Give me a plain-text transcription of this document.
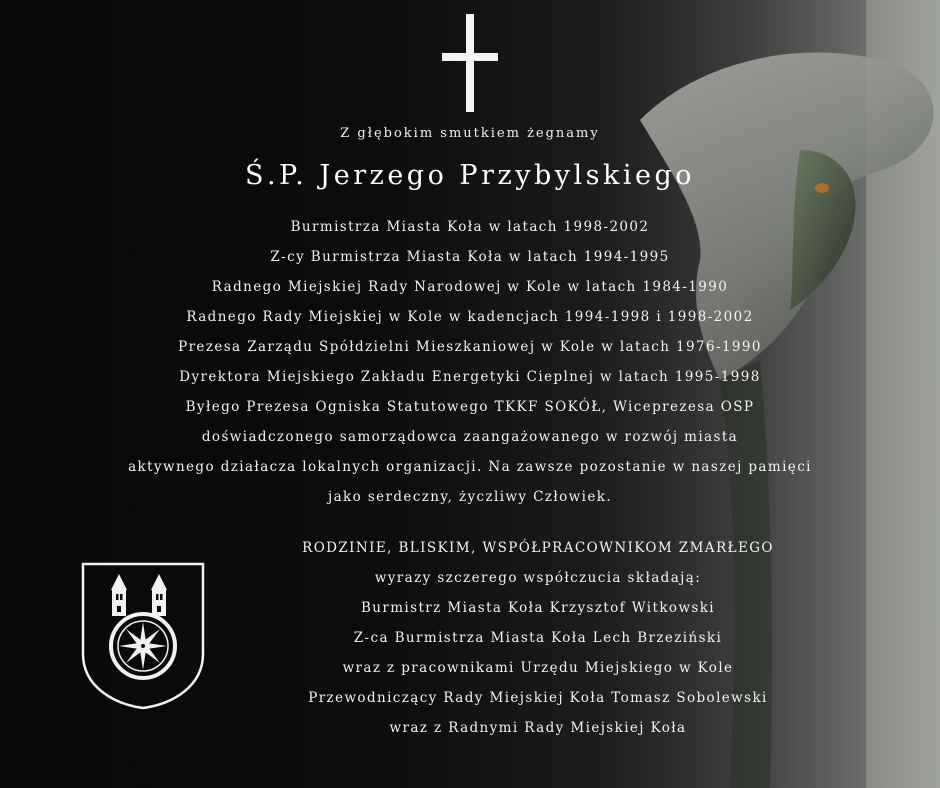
Z głębokim smutkiem żegnamy
Ś.P. Jerzego Przybylskiego
Burmistrza Miasta Koła w latach 1998-2002
Z-cy Burmistrza Miasta Koła w latach 1994-1995
Radnego Miejskiej Rady Narodowej w Kole w latach 1984-1990
Radnego Rady Miejskiej w Kole w kadencjach 1994-1998 i 1998-2002
Prezesa Zarządu Spółdzielni Mieszkaniowej w Kole w latach 1976-1990
Dyrektora Miejskiego Zakładu Energetyki Cieplnej w latach 1995-1998
Byłego Prezesa Ogniska Statutowego TKKF SOKÓŁ, Wiceprezesa OSP
doświadczonego samorządowca zaangażowanego w rozwój miasta
aktywnego działacza lokalnych organizacji. Na zawsze pozostanie w naszej pamięci
jako serdeczny, życzliwy Człowiek.
RODZINIE, BLISKIM, WSPÓŁPRACOWNIKOM ZMARŁEGO
wyrazy szczerego współczucia składają:
Burmistrz Miasta Koła Krzysztof Witkowski
Z-ca Burmistrza Miasta Koła Lech Brzeziński
wraz z pracownikami Urzędu Miejskiego w Kole
Przewodniczący Rady Miejskiej Koła Tomasz Sobolewski
wraz z Radnymi Rady Miejskiej Koła
